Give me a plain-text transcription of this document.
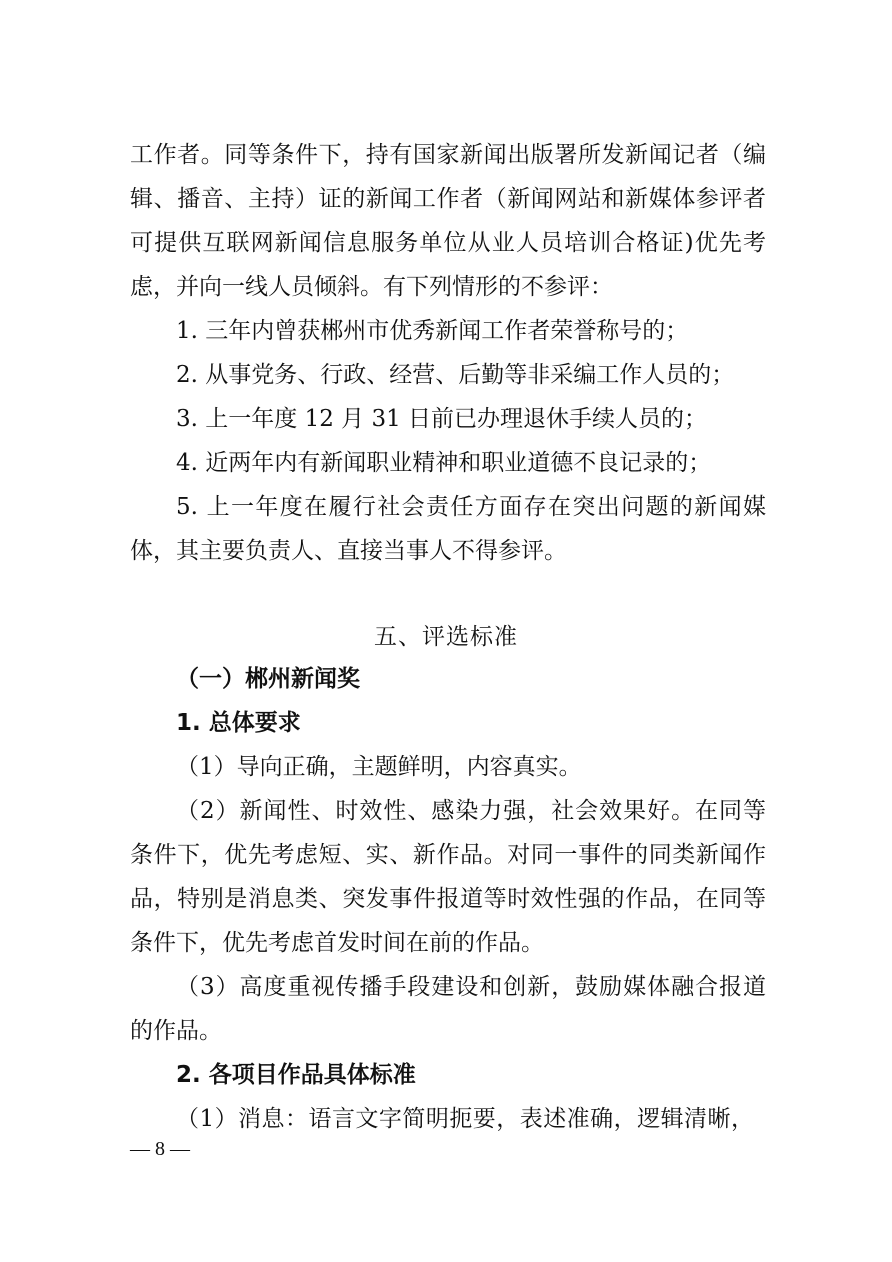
工作者。同等条件下，持有国家新闻出版署所发新闻记者（编
辑、播音、主持）证的新闻工作者（新闻网站和新媒体参评者
可提供互联网新闻信息服务单位从业人员培训合格证)优先考
虑，并向一线人员倾斜。有下列情形的不参评：
1. 三年内曾获郴州市优秀新闻工作者荣誉称号的；
2. 从事党务、行政、经营、后勤等非采编工作人员的；
3. 上一年度 12 月 31 日前已办理退休手续人员的；
4. 近两年内有新闻职业精神和职业道德不良记录的；
5. 上一年度在履行社会责任方面存在突出问题的新闻媒
体，其主要负责人、直接当事人不得参评。
五、评选标准
（一）郴州新闻奖
1. 总体要求
（1）导向正确，主题鲜明，内容真实。
（2）新闻性、时效性、感染力强，社会效果好。在同等
条件下，优先考虑短、实、新作品。对同一事件的同类新闻作
品，特别是消息类、突发事件报道等时效性强的作品，在同等
条件下，优先考虑首发时间在前的作品。
（3）高度重视传播手段建设和创新，鼓励媒体融合报道
的作品。
2. 各项目作品具体标准
（1）消息：语言文字简明扼要，表述准确，逻辑清晰，
— 8 —
